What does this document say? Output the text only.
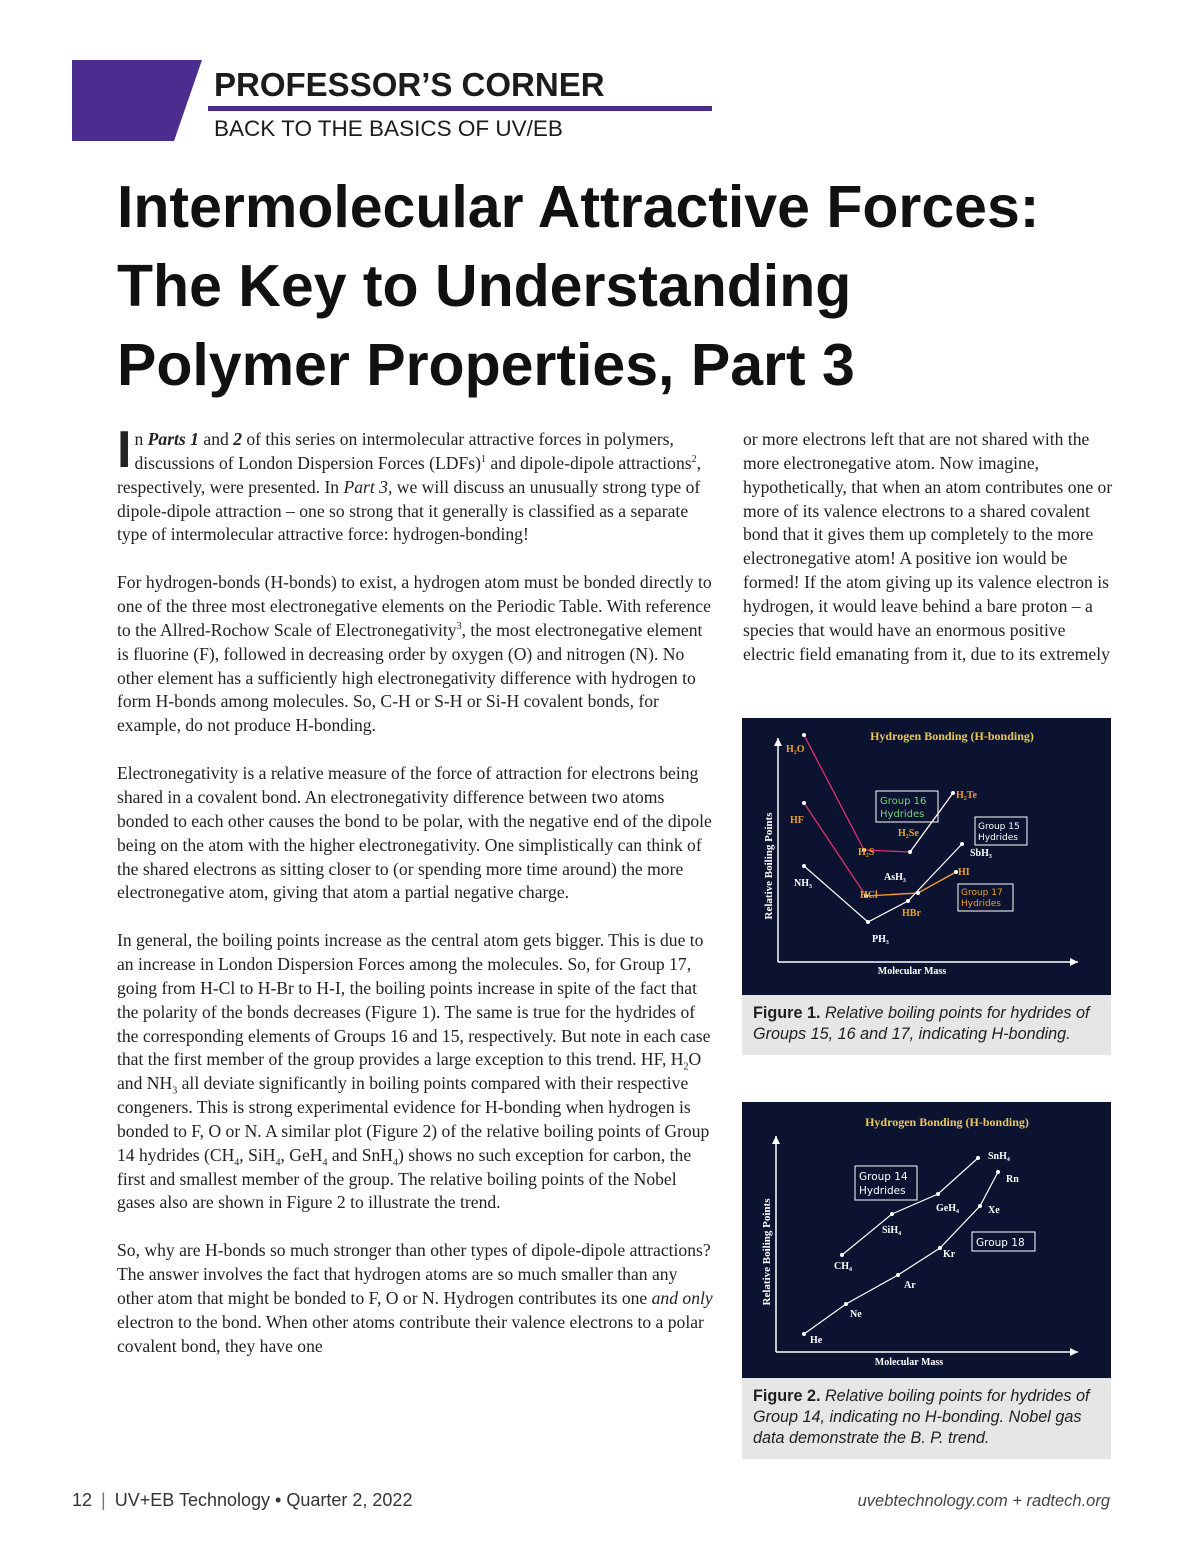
PROFESSOR’S CORNER
BACK TO THE BASICS OF UV/EB
Intermolecular Attractive Forces:
The Key to Understanding
Polymer Properties, Part 3

In Parts 1 and 2 of this series on intermolecular attractive forces in polymers, discussions of London Dispersion Forces (LDFs)$^1$ and dipole-dipole attractions$^2$, respectively, were presented. In Part 3, we will discuss an unusually strong type of dipole-dipole attraction – one so strong that it generally is classified as a separate type of intermolecular attractive force: hydrogen-bonding!

For hydrogen-bonds (H-bonds) to exist, a hydrogen atom must be bonded directly to one of the three most electronegative elements on the Periodic Table. With reference to the Allred-Rochow Scale of Electronegativity$^3$, the most electronegative element is fluorine (F), followed in decreasing order by oxygen (O) and nitrogen (N). No other element has a sufficiently high electronegativity difference with hydrogen to form H-bonds among molecules. So, C-H or S-H or Si-H covalent bonds, for example, do not produce H-bonding.

Electronegativity is a relative measure of the force of attraction for electrons being shared in a covalent bond. An electronegativity difference between two atoms bonded to each other causes the bond to be polar, with the negative end of the dipole being on the atom with the higher electronegativity. One simplistically can think of the shared electrons as sitting closer to (or spending more time around) the more electronegative atom, giving that atom a partial negative charge.

In general, the boiling points increase as the central atom gets bigger. This is due to an increase in London Dispersion Forces among the molecules. So, for Group 17, going from H-Cl to H-Br to H-I, the boiling points increase in spite of the fact that the polarity of the bonds decreases (Figure 1). The same is true for the hydrides of the corresponding elements of Groups 16 and 15, respectively. But note in each case that the first member of the group provides a large exception to this trend. HF, $H_2O$ and $NH_3$ all deviate significantly in boiling points compared with their respective congeners. This is strong experimental evidence for H-bonding when hydrogen is bonded to F, O or N. A similar plot (Figure 2) of the relative boiling points of Group 14 hydrides ($CH_4$, SiH$_4$, GeH$_4$ and SnH$_4$) shows no such exception for carbon, the first and smallest member of the group. The relative boiling points of the Nobel gases also are shown in Figure 2 to illustrate the trend.

So, why are H-bonds so much stronger than other types of dipole-dipole attractions? The answer involves the fact that hydrogen atoms are so much smaller than any other atom that might be bonded to F, O or N. Hydrogen contributes its one and only electron to the bond. When other atoms contribute their valence electrons to a polar covalent bond, they have one

or more electrons left that are not shared with the more electronegative atom. Now imagine, hypothetically, that when an atom contributes one or more of its valence electrons to a shared covalent bond that it gives them up completely to the more electronegative atom! A positive ion would be formed! If the atom giving up its valence electron is hydrogen, it would leave behind a bare proton – a species that would have an enormous positive electric field emanating from it, due to its extremely

Hydrogen Bonding (H-bonding)
Relative Boiling Points
Molecular Mass
H₂O
HF
NH₃
H₂S
H₂Se
H₂Te
AsH₃
SbH₃
PH₃
HCl
HBr
HI
Group 16
Hydrides
Group 15
Hydrides
Group 17
Hydrides
Figure 1. Relative boiling points for hydrides of Groups 15, 16 and 17, indicating H-bonding.
Hydrogen Bonding (H-bonding)
Relative Boiling Points
Molecular Mass
CH₄
SiH₄
GeH₄
SnH₄
He
Ne
Ar
Kr
Xe
Rn
Group 14
Hydrides
Group 18
Figure 2. Relative boiling points for hydrides of Group 14, indicating no H-bonding. Nobel gas data demonstrate the B. P. trend.
12 | UV+EB Technology • Quarter 2, 2022	uvebtechnology.com + radtech.org
